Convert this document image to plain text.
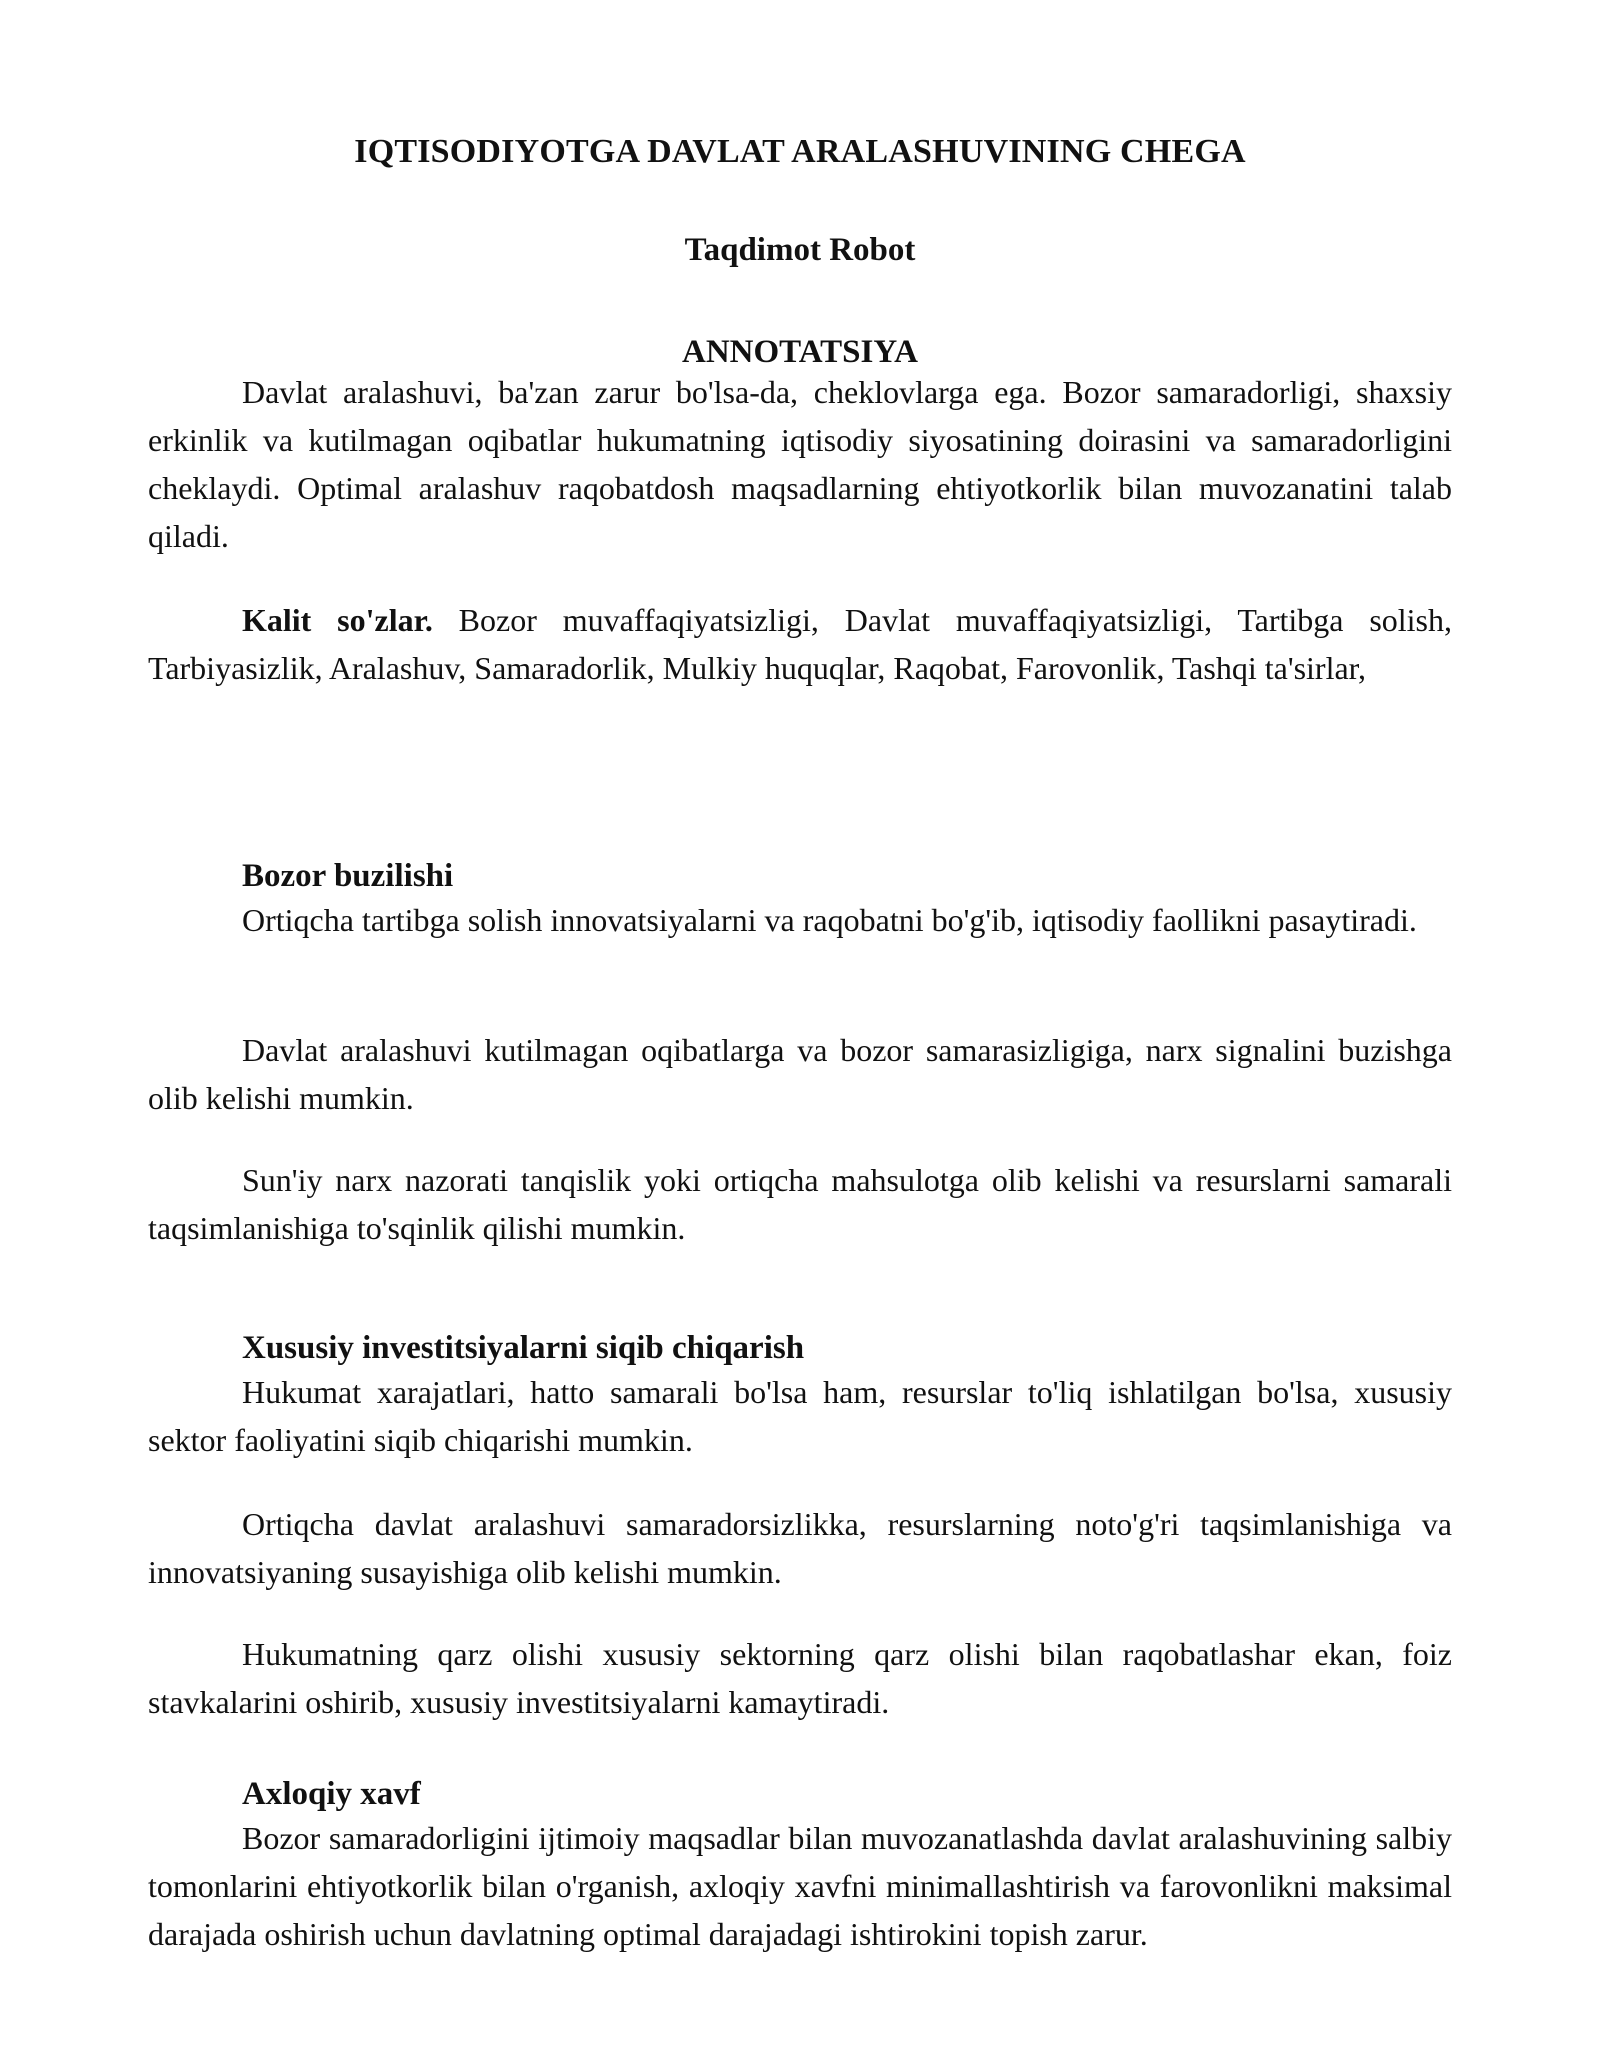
IQTISODIYOTGA DAVLAT ARALASHUVINING CHEGA
Taqdimot Robot
ANNOTATSIYA

Davlat aralashuvi, ba'zan zarur bo'lsa-da, cheklovlarga ega. Bozor samaradorligi, shaxsiy erkinlik va kutilmagan oqibatlar hukumatning iqtisodiy siyosatining doirasini va samaradorligini cheklaydi. Optimal aralashuv raqobatdosh maqsadlarning ehtiyotkorlik bilan muvozanatini talab qiladi.

Kalit so'zlar. Bozor muvaffaqiyatsizligi, Davlat muvaffaqiyatsizligi, Tartibga solish, Tarbiyasizlik, Aralashuv, Samaradorlik, Mulkiy huquqlar, Raqobat, Farovonlik, Tashqi ta'sirlar,

Bozor buzilishi

Ortiqcha tartibga solish innovatsiyalarni va raqobatni bo'g'ib, iqtisodiy faollikni pasaytiradi.

Davlat aralashuvi kutilmagan oqibatlarga va bozor samarasizligiga, narx signalini buzishga olib kelishi mumkin.

Sun'iy narx nazorati tanqislik yoki ortiqcha mahsulotga olib kelishi va resurslarni samarali taqsimlanishiga to'sqinlik qilishi mumkin.

Xususiy investitsiyalarni siqib chiqarish

Hukumat xarajatlari, hatto samarali bo'lsa ham, resurslar to'liq ishlatilgan bo'lsa, xususiy sektor faoliyatini siqib chiqarishi mumkin.

Ortiqcha davlat aralashuvi samaradorsizlikka, resurslarning noto'g'ri taqsimlanishiga va innovatsiyaning susayishiga olib kelishi mumkin.

Hukumatning qarz olishi xususiy sektorning qarz olishi bilan raqobatlashar ekan, foiz stavkalarini oshirib, xususiy investitsiyalarni kamaytiradi.

Axloqiy xavf

Bozor samaradorligini ijtimoiy maqsadlar bilan muvozanatlashda davlat aralashuvining salbiy tomonlarini ehtiyotkorlik bilan o'rganish, axloqiy xavfni minimallashtirish va farovonlikni maksimal darajada oshirish uchun davlatning optimal darajadagi ishtirokini topish zarur.
